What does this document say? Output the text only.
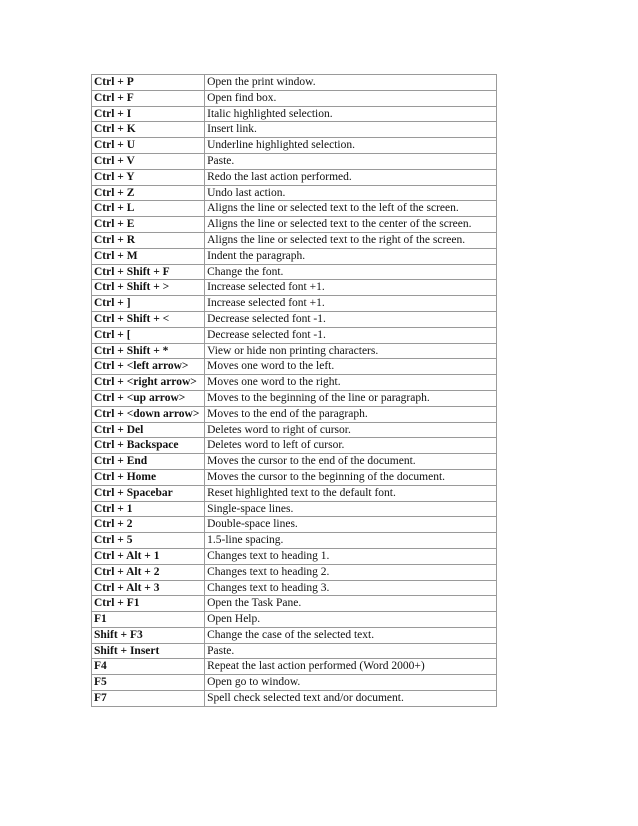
Ctrl + P	Open the print window.
Ctrl + F	Open find box.
Ctrl + I	Italic highlighted selection.
Ctrl + K	Insert link.
Ctrl + U	Underline highlighted selection.
Ctrl + V	Paste.
Ctrl + Y	Redo the last action performed.
Ctrl + Z	Undo last action.
Ctrl + L	Aligns the line or selected text to the left of the screen.
Ctrl + E	Aligns the line or selected text to the center of the screen.
Ctrl + R	Aligns the line or selected text to the right of the screen.
Ctrl + M	Indent the paragraph.
Ctrl + Shift + F	Change the font.
Ctrl + Shift + >	Increase selected font +1.
Ctrl + ]	Increase selected font +1.
Ctrl + Shift + <	Decrease selected font -1.
Ctrl + [	Decrease selected font -1.
Ctrl + Shift + *	View or hide non printing characters.
Ctrl + <left arrow>	Moves one word to the left.
Ctrl + <right arrow>	Moves one word to the right.
Ctrl + <up arrow>	Moves to the beginning of the line or paragraph.
Ctrl + <down arrow>	Moves to the end of the paragraph.
Ctrl + Del	Deletes word to right of cursor.
Ctrl + Backspace	Deletes word to left of cursor.
Ctrl + End	Moves the cursor to the end of the document.
Ctrl + Home	Moves the cursor to the beginning of the document.
Ctrl + Spacebar	Reset highlighted text to the default font.
Ctrl + 1	Single-space lines.
Ctrl + 2	Double-space lines.
Ctrl + 5	1.5-line spacing.
Ctrl + Alt + 1	Changes text to heading 1.
Ctrl + Alt + 2	Changes text to heading 2.
Ctrl + Alt + 3	Changes text to heading 3.
Ctrl + F1	Open the Task Pane.
F1	Open Help.
Shift + F3	Change the case of the selected text.
Shift + Insert	Paste.
F4	Repeat the last action performed (Word 2000+)
F5	Open go to window.
F7	Spell check selected text and/or document.
